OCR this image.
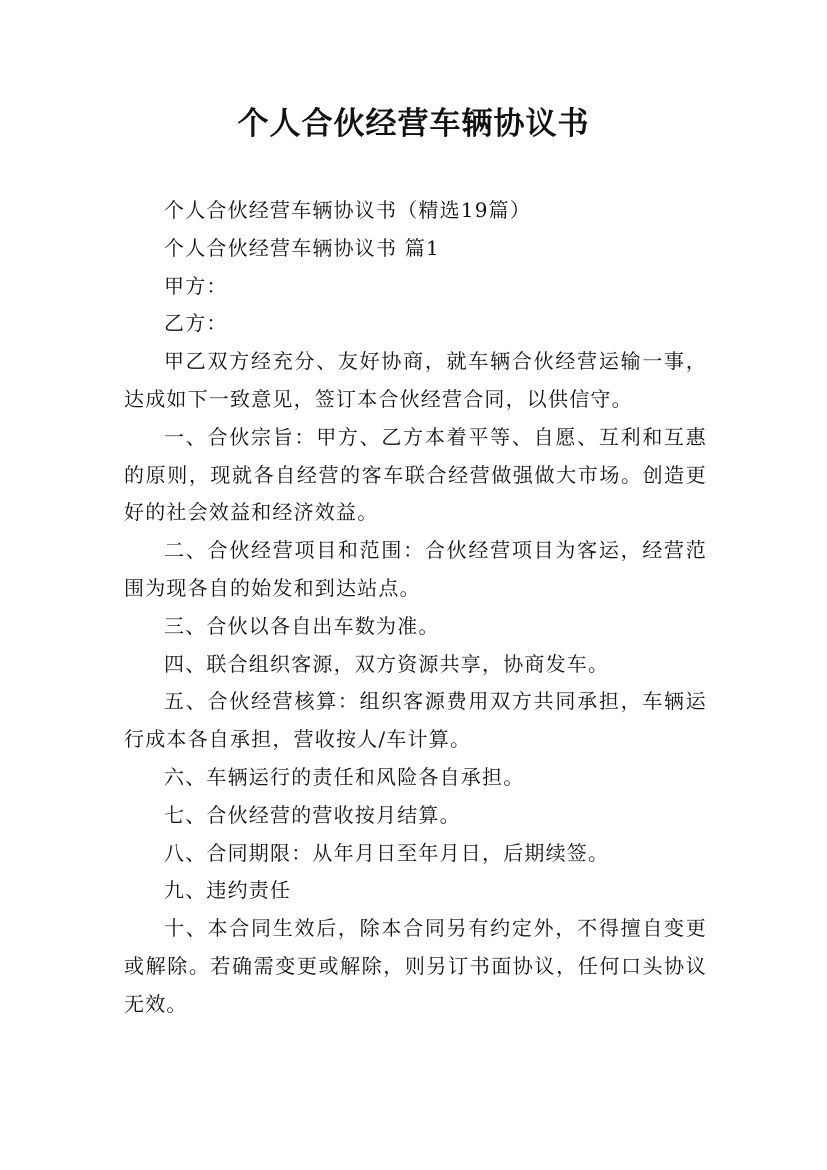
个人合伙经营车辆协议书

个人合伙经营车辆协议书（精选19篇）

个人合伙经营车辆协议书 篇1

甲方：

乙方：

甲乙双方经充分、友好协商，就车辆合伙经营运输一事，达成如下一致意见，签订本合伙经营合同，以供信守。

一、合伙宗旨：甲方、乙方本着平等、自愿、互利和互惠的原则，现就各自经营的客车联合经营做强做大市场。创造更好的社会效益和经济效益。

二、合伙经营项目和范围：合伙经营项目为客运，经营范围为现各自的始发和到达站点。

三、合伙以各自出车数为准。

四、联合组织客源，双方资源共享，协商发车。

五、合伙经营核算：组织客源费用双方共同承担，车辆运行成本各自承担，营收按人/车计算。

六、车辆运行的责任和风险各自承担。

七、合伙经营的营收按月结算。

八、合同期限：从年月日至年月日，后期续签。

九、违约责任

十、本合同生效后，除本合同另有约定外，不得擅自变更或解除。若确需变更或解除，则另订书面协议，任何口头协议无效。
